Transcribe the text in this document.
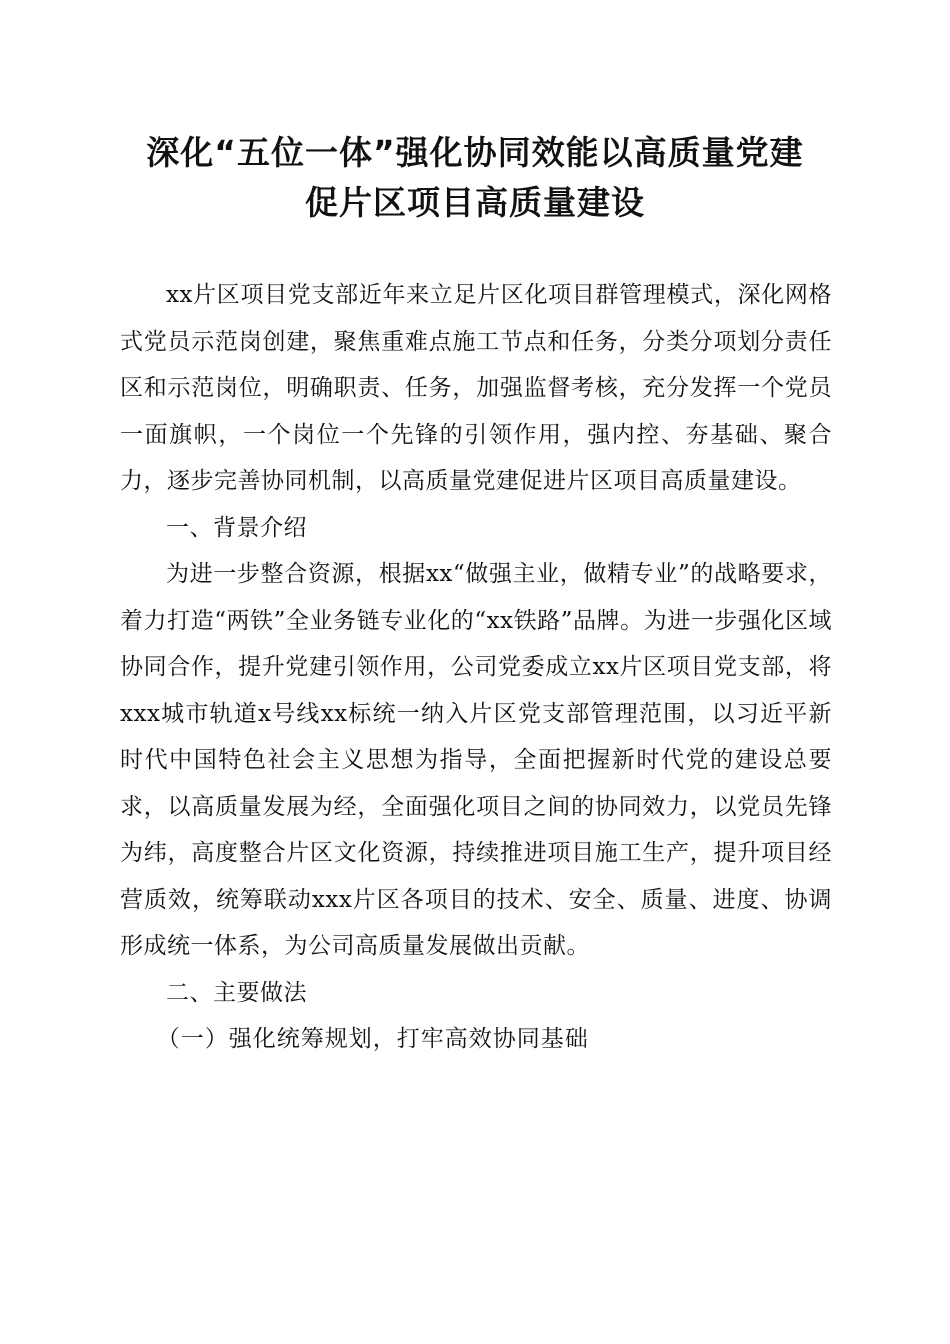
深化“五位一体”强化协同效能以高质量党建
促片区项目高质量建设

xx片区项目党支部近年来立足片区化项目群管理模式，深化网格式党员示范岗创建，聚焦重难点施工节点和任务，分类分项划分责任区和示范岗位，明确职责、任务，加强监督考核，充分发挥一个党员一面旗帜，一个岗位一个先锋的引领作用，强内控、夯基础、聚合力，逐步完善协同机制，以高质量党建促进片区项目高质量建设。

一、背景介绍

为进一步整合资源，根据xx“做强主业，做精专业”的战略要求，着力打造“两铁”全业务链专业化的“xx铁路”品牌。为进一步强化区域协同合作，提升党建引领作用，公司党委成立xx片区项目党支部，将xxx城市轨道x号线xx标统一纳入片区党支部管理范围，以习近平新时代中国特色社会主义思想为指导，全面把握新时代党的建设总要求，以高质量发展为经，全面强化项目之间的协同效力，以党员先锋为纬，高度整合片区文化资源，持续推进项目施工生产，提升项目经营质效，统筹联动xxx片区各项目的技术、安全、质量、进度、协调形成统一体系，为公司高质量发展做出贡献。

二、主要做法

（一）强化统筹规划，打牢高效协同基础
